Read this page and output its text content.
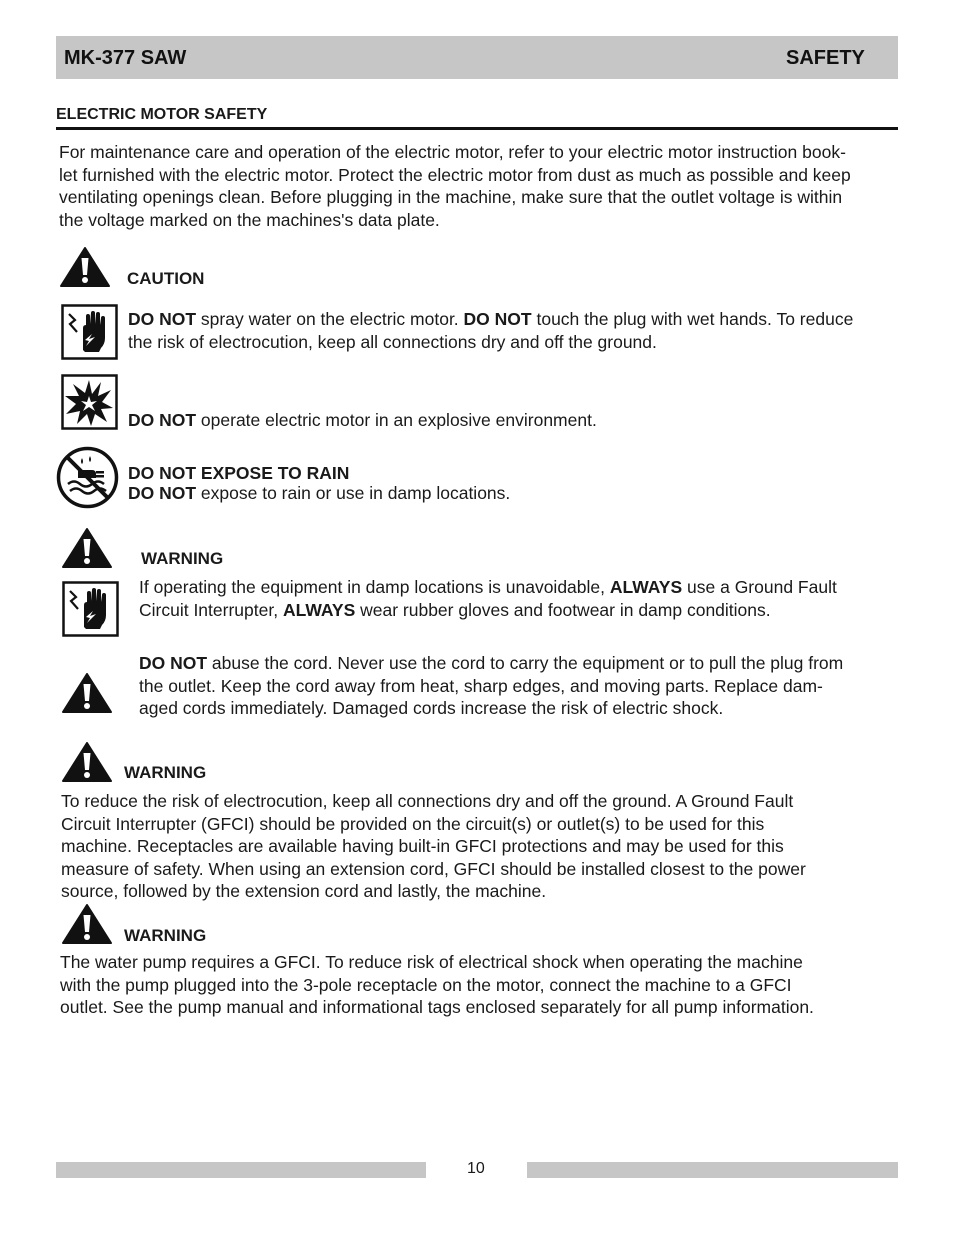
MK-377 SAW	SAFETY
ELECTRIC MOTOR SAFETY
For maintenance care and operation of the electric motor, refer to your electric motor instruction book-
let furnished with the electric motor. Protect the electric motor from dust as much as possible and keep
ventilating openings clean. Before plugging in the machine, make sure that the outlet voltage is within
the voltage marked on the machines's data plate.
CAUTION
DO NOT spray water on the electric motor. DO NOT touch the plug with wet hands. To reduce
the risk of electrocution, keep all connections dry and off the ground.
DO NOT operate electric motor in an explosive environment.
DO NOT EXPOSE TO RAIN
DO NOT expose to rain or use in damp locations.
WARNING
If operating the equipment in damp locations is unavoidable, ALWAYS use a Ground Fault
Circuit Interrupter, ALWAYS wear rubber gloves and footwear in damp conditions.
DO NOT abuse the cord. Never use the cord to carry the equipment or to pull the plug from
the outlet. Keep the cord away from heat, sharp edges, and moving parts. Replace dam-
aged cords immediately. Damaged cords increase the risk of electric shock.
WARNING
To reduce the risk of electrocution, keep all connections dry and off the ground. A Ground Fault
Circuit Interrupter (GFCI) should be provided on the circuit(s) or outlet(s) to be used for this
machine. Receptacles are available having built-in GFCI protections and may be used for this
measure of safety. When using an extension cord, GFCI should be installed closest to the power
source, followed by the extension cord and lastly, the machine.
WARNING
The water pump requires a GFCI. To reduce risk of electrical shock when operating the machine
with the pump plugged into the 3-pole receptacle on the motor, connect the machine to a GFCI
outlet. See the pump manual and informational tags enclosed separately for all pump information.
10
